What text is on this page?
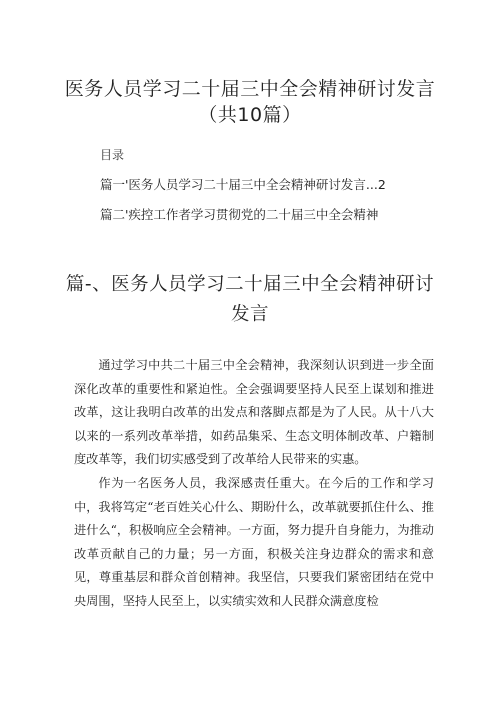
医务人员学习二十届三中全会精神研讨发言（共10篇）
目录
篇一'医务人员学习二十届三中全会精神研讨发言...2
篇二'疾控工作者学习贯彻党的二十届三中全会精神
篇-、医务人员学习二十届三中全会精神研讨发言

通过学习中共二十届三中全会精神，我深刻认识到进一步全面深化改革的重要性和紧迫性。全会强调要坚持人民至上谋划和推进改革，这让我明白改革的出发点和落脚点都是为了人民。从十八大以来的一系列改革举措，如药品集采、生态文明体制改革、户籍制度改革等，我们切实感受到了改革给人民带来的实惠。

作为一名医务人员，我深感责任重大。在今后的工作和学习中，我将笃定“老百姓关心什么、期盼什么，改革就要抓住什么、推进什么“，积极响应全会精神。一方面，努力提升自身能力，为推动改革贡献自己的力量；另一方面，积极关注身边群众的需求和意见，尊重基层和群众首创精神。我坚信，只要我们紧密团结在党中央周围，坚持人民至上，以实绩实效和人民群众满意度检
